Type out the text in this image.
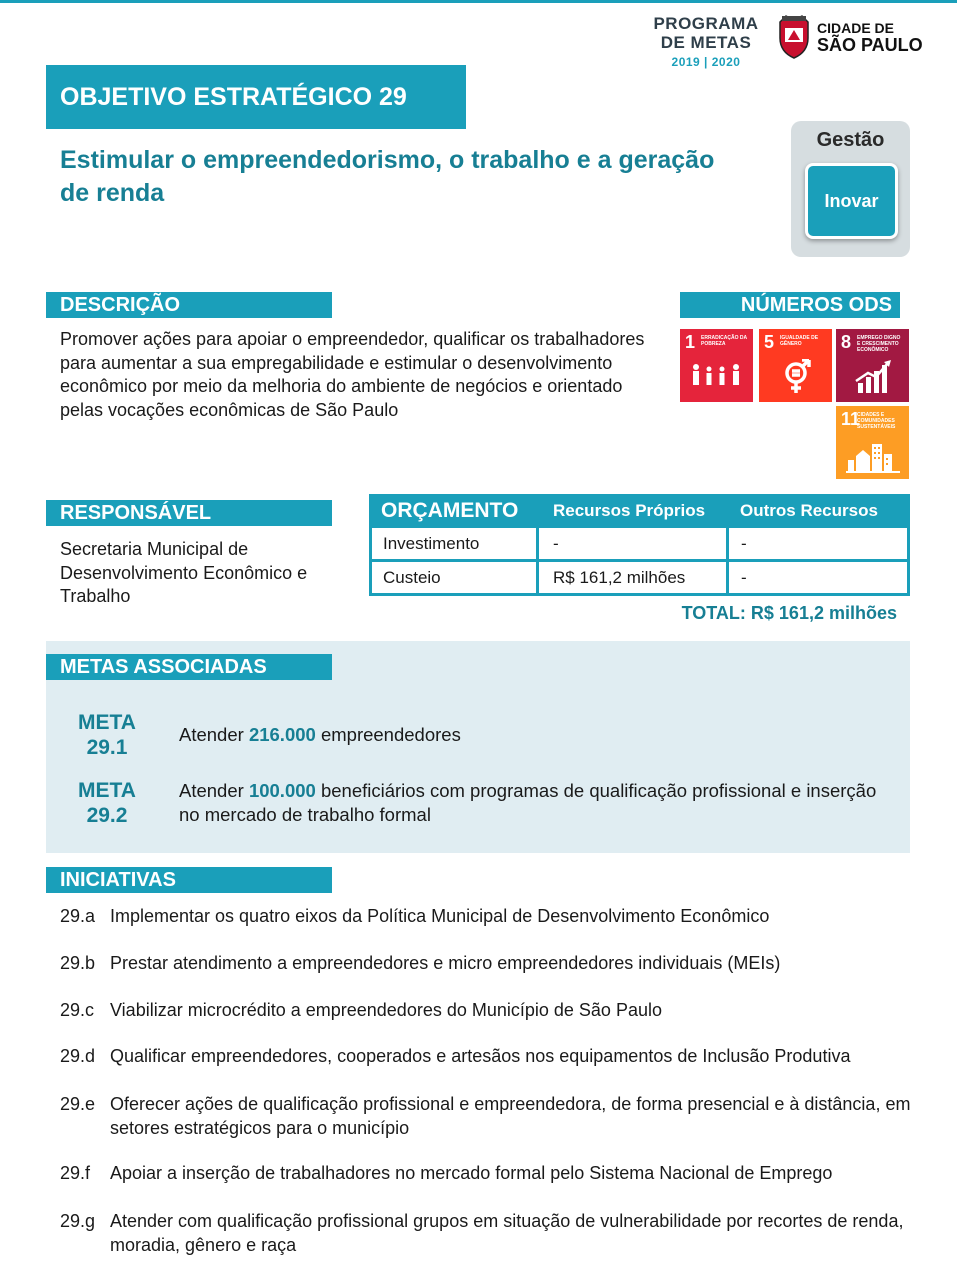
PROGRAMA
DE METAS
2019 | 2020
CIDADE DE
SÃO PAULO
OBJETIVO ESTRATÉGICO 29
Estimular o empreendedorismo, o trabalho e a geração de renda
Gestão
Inovar
DESCRIÇÃO
Promover ações para apoiar o empreendedor, qualificar os trabalhadores para aumentar a sua empregabilidade e estimular o desenvolvimento econômico por meio da melhoria do ambiente de negócios e orientado pelas vocações econômicas de São Paulo
NÚMEROS ODS
1 ERRADICAÇÃO DA POBREZA	5 IGUALDADE DE GÊNERO	8 EMPREGO DIGNO E CRESCIMENTO ECONÔMICO
11
CIDADES E COMUNIDADES SUSTENTÁVEIS
RESPONSÁVEL
Secretaria Municipal de Desenvolvimento Econômico e Trabalho
ORÇAMENTO	Recursos Próprios	Outros Recursos
Investimento	-	-
Custeio	R$ 161,2 milhões	-
TOTAL: R$ 161,2 milhões
METAS ASSOCIADAS
META
29.1
Atender 216.000 empreendedores
META
29.2
Atender 100.000 beneficiários com programas de qualificação profissional e inserção no mercado de trabalho formal
INICIATIVAS
29.a Implementar os quatro eixos da Política Municipal de Desenvolvimento Econômico
29.b Prestar atendimento a empreendedores e micro empreendedores individuais (MEIs)
29.c Viabilizar microcrédito a empreendedores do Município de São Paulo
29.d Qualificar empreendedores, cooperados e artesãos nos equipamentos de Inclusão Produtiva
29.e Oferecer ações de qualificação profissional e empreendedora, de forma presencial e à distância, em setores estratégicos para o município
29.f	Apoiar a inserção de trabalhadores no mercado formal pelo Sistema Nacional de Emprego
29.g Atender com qualificação profissional grupos em situação de vulnerabilidade por recortes de renda, moradia, gênero e raça
